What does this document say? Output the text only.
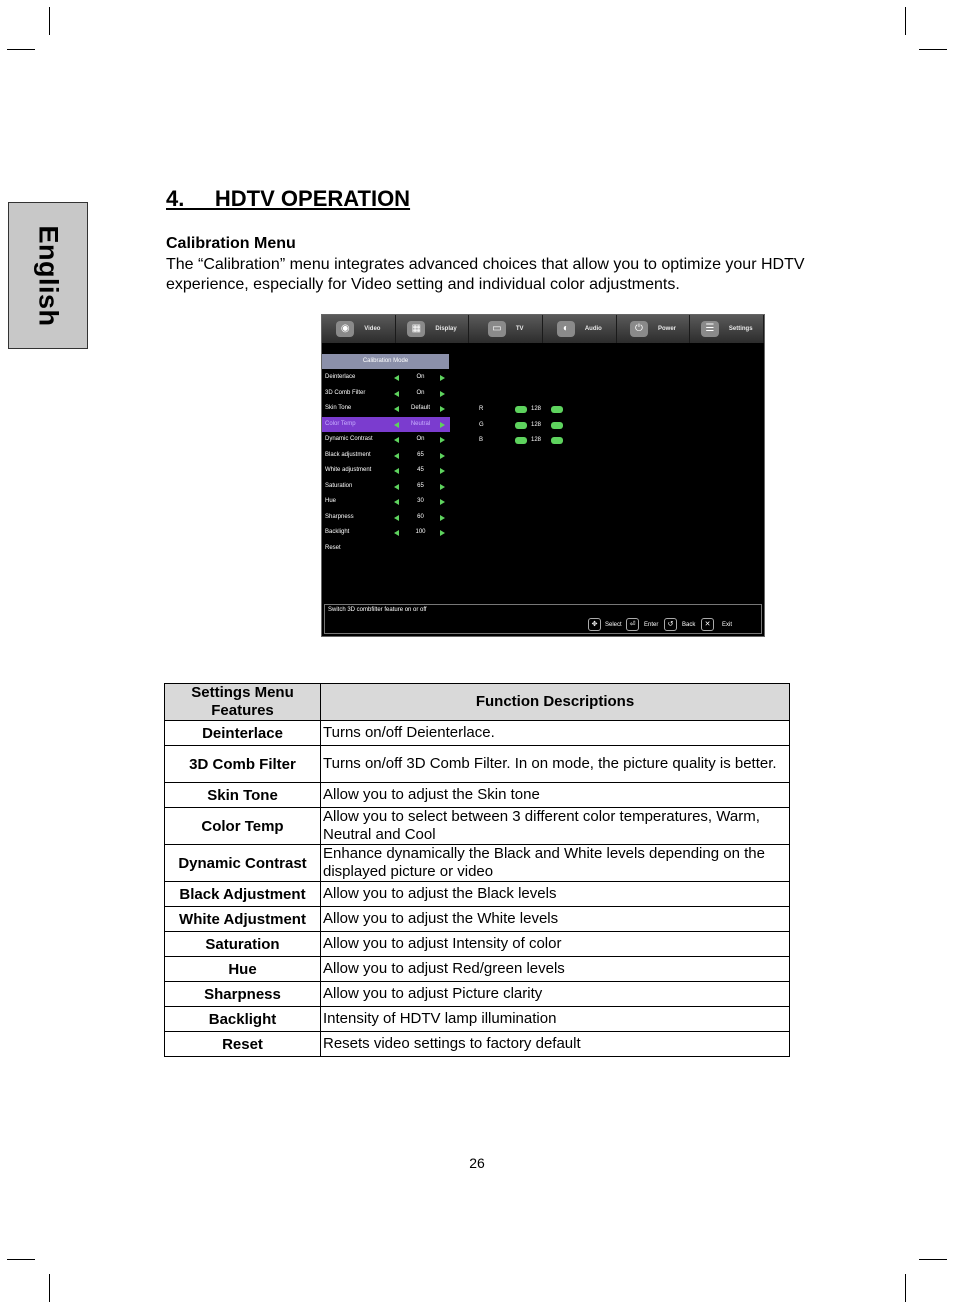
English
4.     HDTV OPERATION
Calibration Menu
The “Calibration” menu integrates advanced choices that allow you to optimize your HDTV experience, especially for Video setting and individual color adjustments.
◉	Video	▦	Display	▭	TV	◐	Audio	⏻	Power	☰	Settings
Calibration Mode
Deinterlace	On
3D Comb Filter	On
Skin Tone	Default
Color Temp	Neutral
Dynamic Contrast	On
Black adjustment	65
White adjustment	45
Saturation	65
Hue	30
Sharpness	60
Backlight	100
Reset
R	128
G	128
B	128
Switch 3D combfilter feature on or off
✥	Select	⏎	Enter	↺	Back	✕	Exit
Settings Menu Features	Function Descriptions
Deinterlace	Turns on/off Deienterlace.
3D Comb Filter	Turns on/off 3D Comb Filter. In on mode, the picture quality is better.
Skin Tone	Allow you to adjust the Skin tone
Color Temp	Allow you to select between 3 different color temperatures, Warm, Neutral and Cool
Dynamic Contrast	Enhance dynamically the Black and White levels depending on the displayed picture or video
Black Adjustment	Allow you to adjust the Black levels
White Adjustment	Allow you to adjust the White levels
Saturation	Allow you to adjust Intensity of color
Hue	Allow you to adjust Red/green levels
Sharpness	Allow you to adjust Picture clarity
Backlight	Intensity of HDTV lamp illumination
Reset	Resets video settings to factory default
26
